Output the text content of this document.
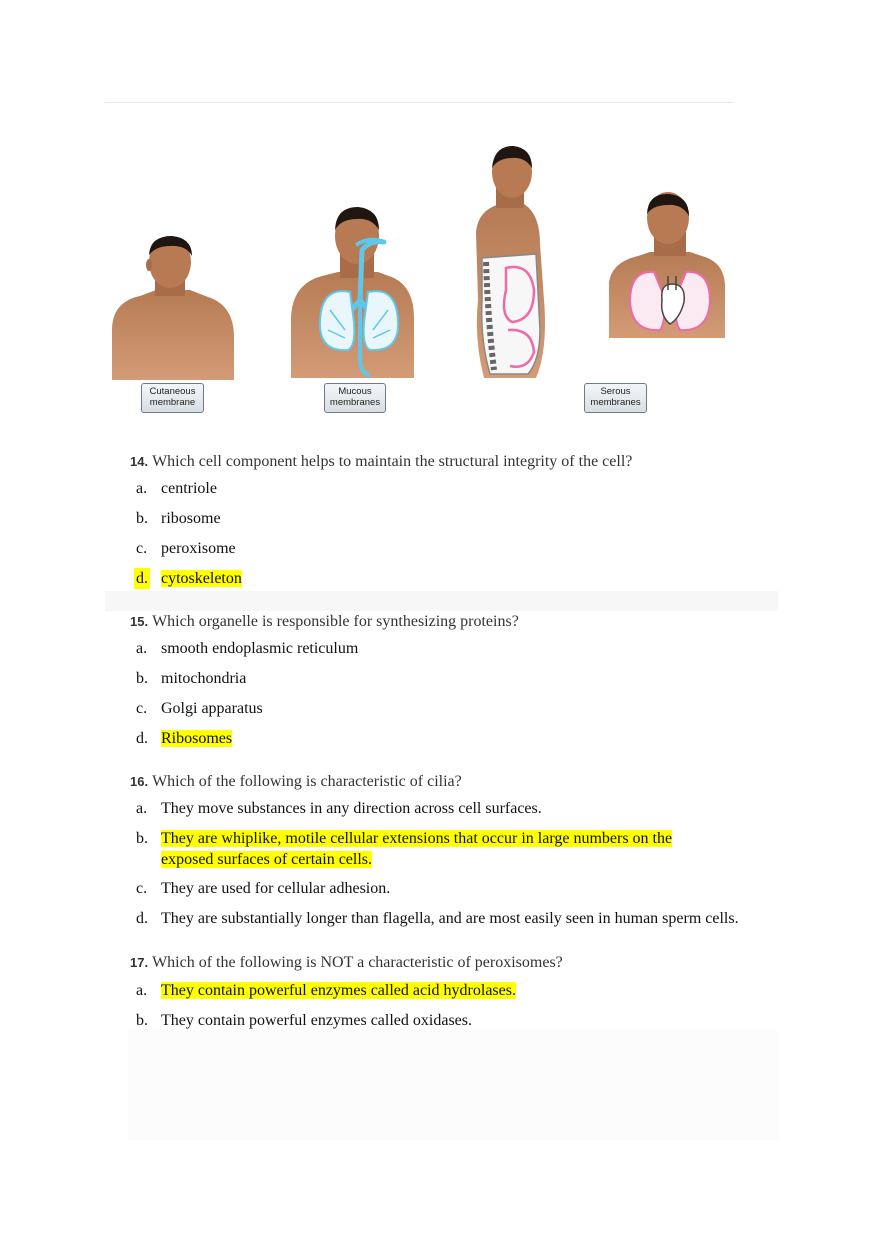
Cutaneous
membrane
Mucous
membranes
Serous
membranes
14. Which cell component helps to maintain the structural integrity of the cell?
a. centriole
b. ribosome
c. peroxisome
d. cytoskeleton
15. Which organelle is responsible for synthesizing proteins?
a. smooth endoplasmic reticulum
b. mitochondria
c. Golgi apparatus
d. Ribosomes
16. Which of the following is characteristic of cilia?
a. They move substances in any direction across cell surfaces.
b. They are whiplike, motile cellular extensions that occur in large numbers on the exposed surfaces of certain cells.
c. They are used for cellular adhesion.
d. They are substantially longer than flagella, and are most easily seen in human sperm cells.
17. Which of the following is NOT a characteristic of peroxisomes?
a. They contain powerful enzymes called acid hydrolases.
b. They contain powerful enzymes called oxidases.
